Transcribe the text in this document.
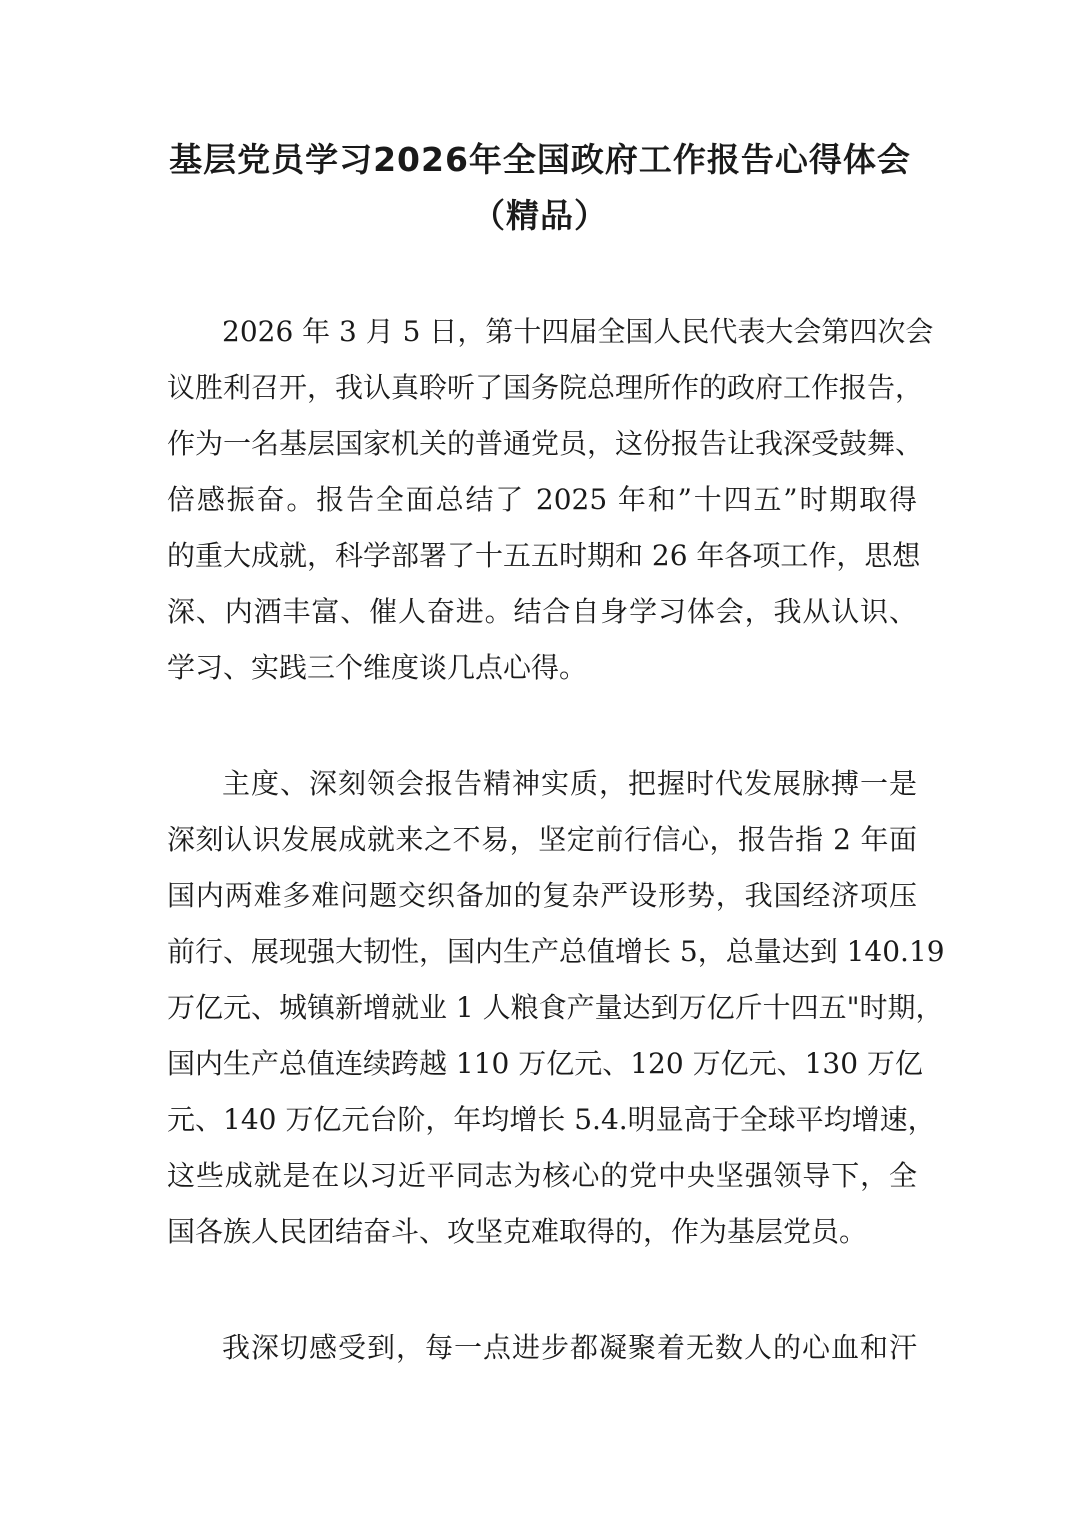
基层党员学习2026年全国政府工作报告心得体会
（精品）
2026 年 3 月 5 日，第十四届全国人民代表大会第四次会
议胜利召开，我认真聆听了国务院总理所作的政府工作报告，
作为一名基层国家机关的普通党员，这份报告让我深受鼓舞、
倍感振奋。报告全面总结了 2025 年和”十四五”时期取得
的重大成就，科学部署了十五五时期和 26 年各项工作，思想
深、内酒丰富、催人奋进。结合自身学习体会，我从认识、
学习、实践三个维度谈几点心得。
主度、深刻领会报告精神实质，把握时代发展脉搏一是
深刻认识发展成就来之不易，坚定前行信心，报告指 2 年面
国内两难多难问题交织备加的复杂严设形势，我国经济项压
前行、展现强大韧性，国内生产总值增长 5，总量达到 140.19
万亿元、城镇新增就业 1 人粮食产量达到万亿斤十四五"时期，
国内生产总值连续跨越 110 万亿元、120 万亿元、130 万亿
元、140 万亿元台阶，年均增长 5.4.明显高于全球平均增速，
这些成就是在以习近平同志为核心的党中央坚强领导下，全
国各族人民团结奋斗、攻坚克难取得的，作为基层党员。
我深切感受到，每一点进步都凝聚着无数人的心血和汗
